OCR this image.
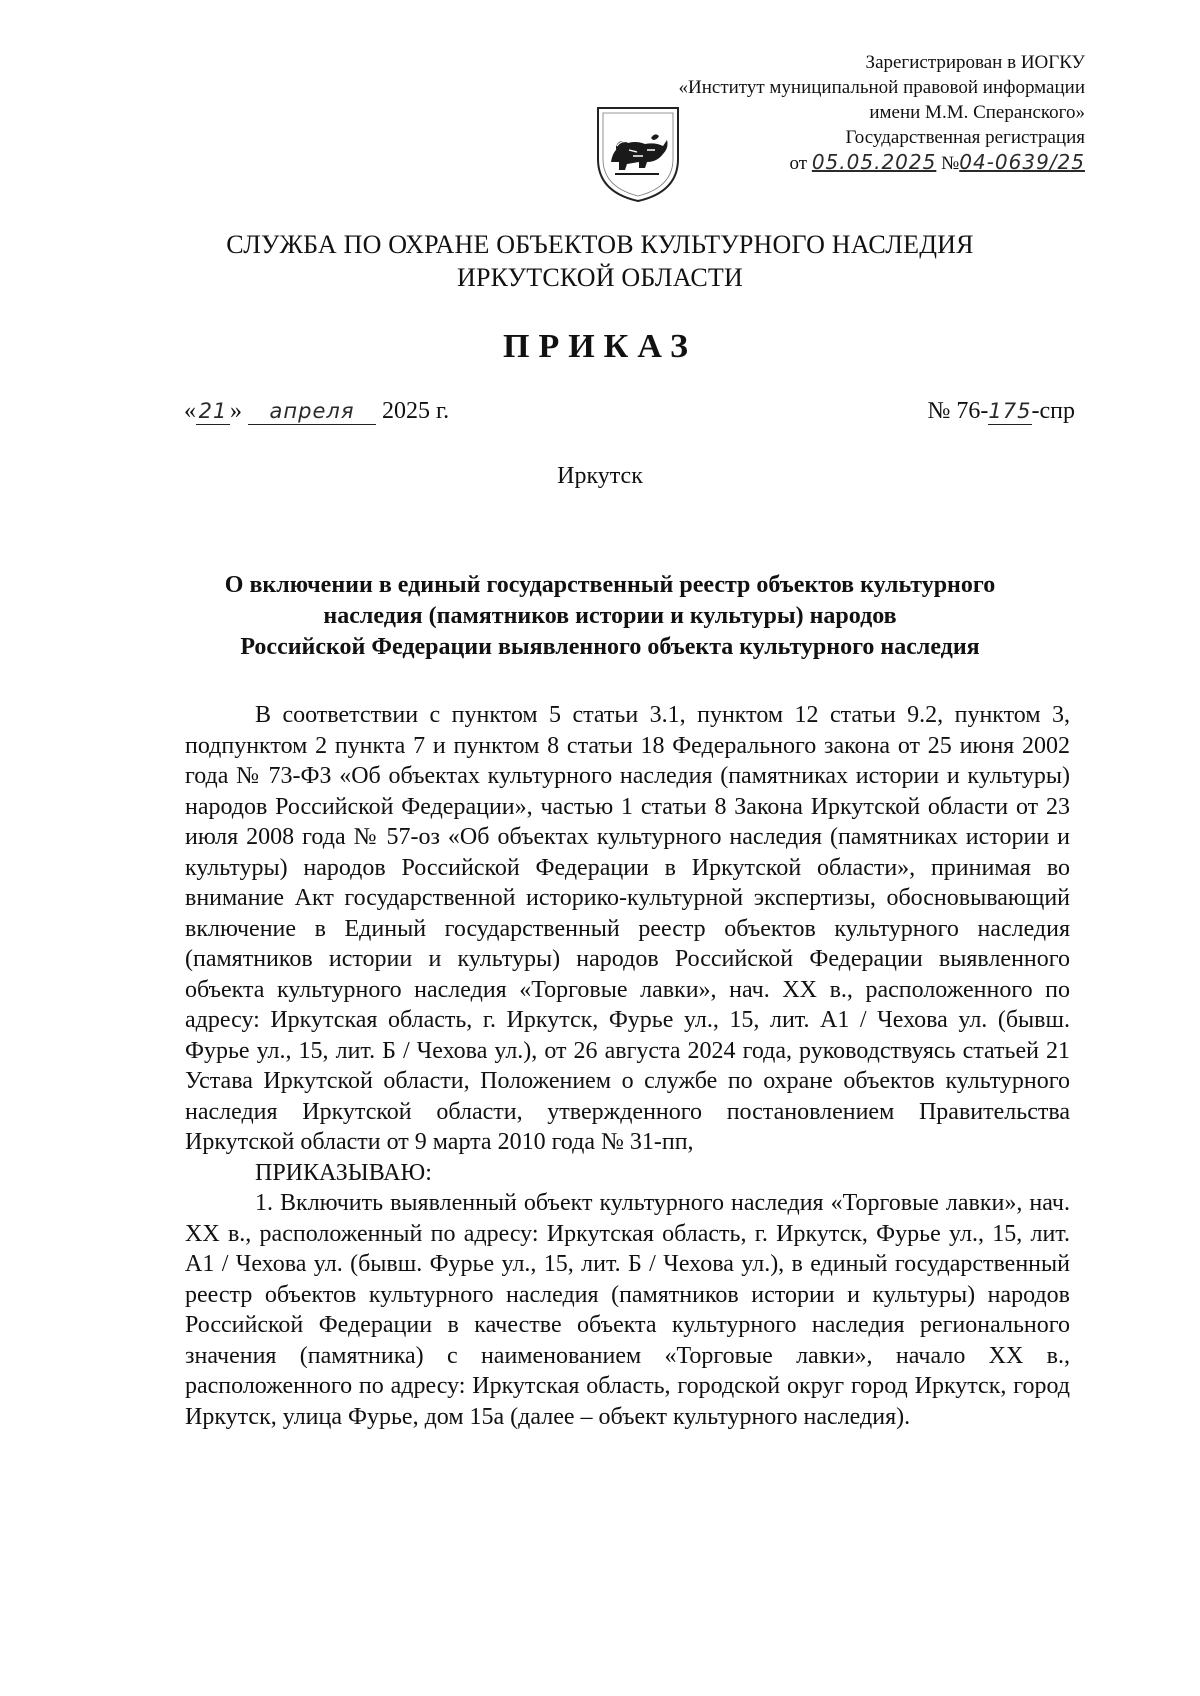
Зарегистрирован в ИОГКУ
«Институт муниципальной правовой информации
имени М.М. Сперанского»
Государственная регистрация
от 05.05.2025 №04-0639/25
СЛУЖБА ПО ОХРАНЕ ОБЪЕКТОВ КУЛЬТУРНОГО НАСЛЕДИЯ
ИРКУТСКОЙ ОБЛАСТИ
ПРИКАЗ
« 21 » апреля 2025 г.	№ 76-175-спр
Иркутск
О включении в единый государственный реестр объектов культурного
наследия (памятников истории и культуры) народов
Российской Федерации выявленного объекта культурного наследия

В соответствии с пунктом 5 статьи 3.1, пунктом 12 статьи 9.2, пунктом 3, подпунктом 2 пункта 7 и пунктом 8 статьи 18 Федерального закона от 25 июня 2002 года № 73-ФЗ «Об объектах культурного наследия (памятниках истории и культуры) народов Российской Федерации», частью 1 статьи 8 Закона Иркутской области от 23 июля 2008 года № 57-оз «Об объектах культурного наследия (памятниках истории и культуры) народов Российской Федерации в Иркутской области», принимая во внимание Акт государственной историко-культурной экспертизы, обосновывающий включение в Единый государственный реестр объектов культурного наследия (памятников истории и культуры) народов Российской Федерации выявленного объекта культурного наследия «Торговые лавки», нач. XX в., расположенного по адресу: Иркутская область, г. Иркутск, Фурье ул., 15, лит. А1 / Чехова ул. (бывш. Фурье ул., 15, лит. Б / Чехова ул.), от 26 августа 2024 года, руководствуясь статьей 21 Устава Иркутской области, Положением о службе по охране объектов культурного наследия Иркутской области, утвержденного постановлением Правительства Иркутской области от 9 марта 2010 года № 31-пп,

ПРИКАЗЫВАЮ:

1. Включить выявленный объект культурного наследия «Торговые лавки», нач. XX в., расположенный по адресу: Иркутская область, г. Иркутск, Фурье ул., 15, лит. А1 / Чехова ул. (бывш. Фурье ул., 15, лит. Б / Чехова ул.), в единый государственный реестр объектов культурного наследия (памятников истории и культуры) народов Российской Федерации в качестве объекта культурного наследия регионального значения (памятника) с наименованием «Торговые лавки», начало XX в., расположенного по адресу: Иркутская область, городской округ город Иркутск, город Иркутск, улица Фурье, дом 15а (далее – объект культурного наследия).
